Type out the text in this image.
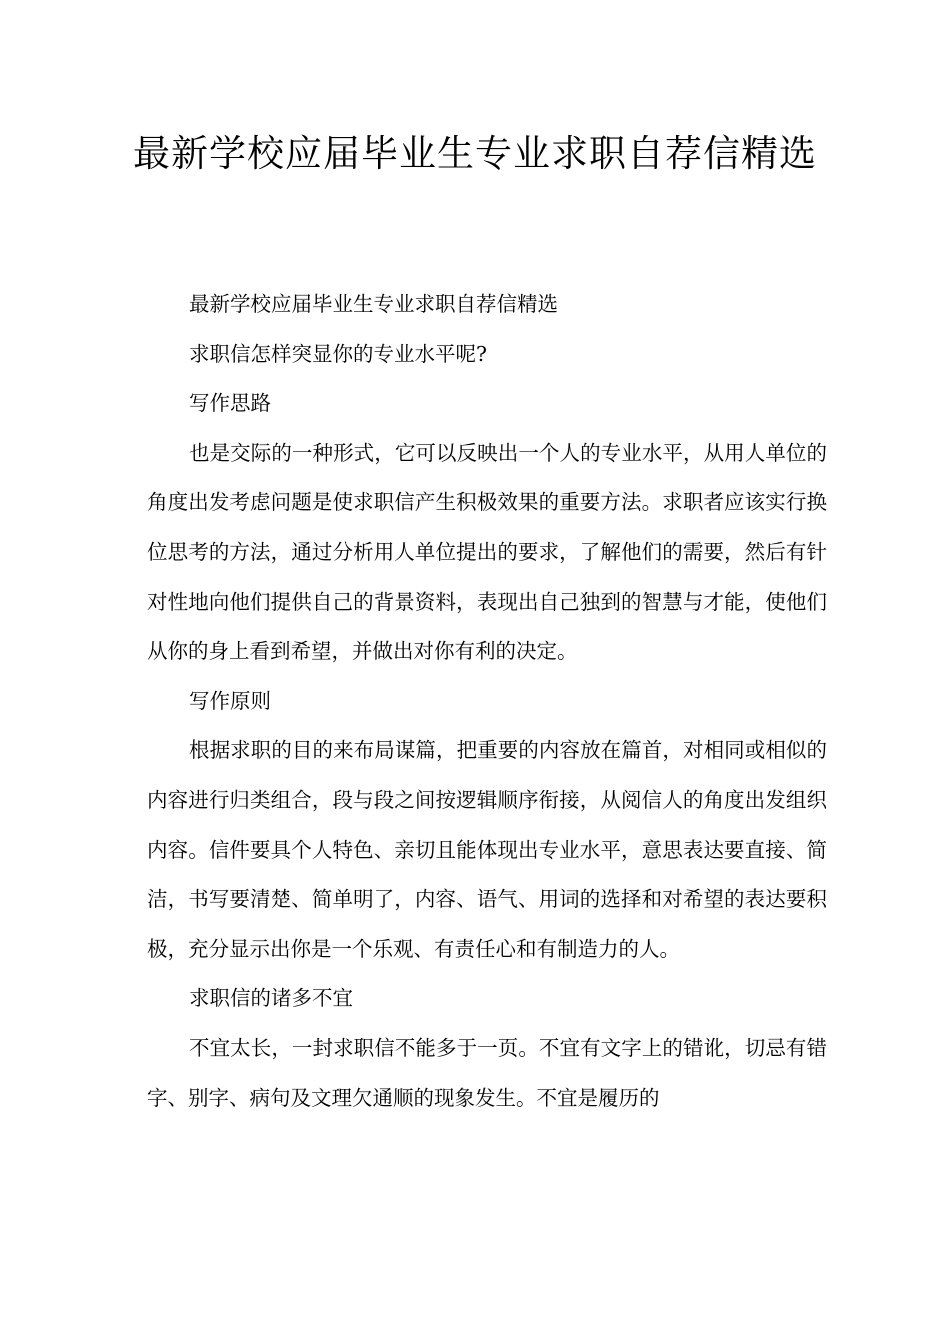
最新学校应届毕业生专业求职自荐信精选

最新学校应届毕业生专业求职自荐信精选

求职信怎样突显你的专业水平呢?

写作思路

也是交际的一种形式，它可以反映出一个人的专业水平，从用人单位的角度出发考虑问题是使求职信产生积极效果的重要方法。求职者应该实行换位思考的方法，通过分析用人单位提出的要求，了解他们的需要，然后有针对性地向他们提供自己的背景资料，表现出自己独到的智慧与才能，使他们从你的身上看到希望，并做出对你有利的决定。

写作原则

根据求职的目的来布局谋篇，把重要的内容放在篇首，对相同或相似的内容进行归类组合，段与段之间按逻辑顺序衔接，从阅信人的角度出发组织内容。信件要具个人特色、亲切且能体现出专业水平，意思表达要直接、简洁，书写要清楚、简单明了，内容、语气、用词的选择和对希望的表达要积极，充分显示出你是一个乐观、有责任心和有制造力的人。

求职信的诸多不宜

不宜太长，一封求职信不能多于一页。不宜有文字上的错讹，切忌有错字、别字、病句及文理欠通顺的现象发生。不宜是履历的
